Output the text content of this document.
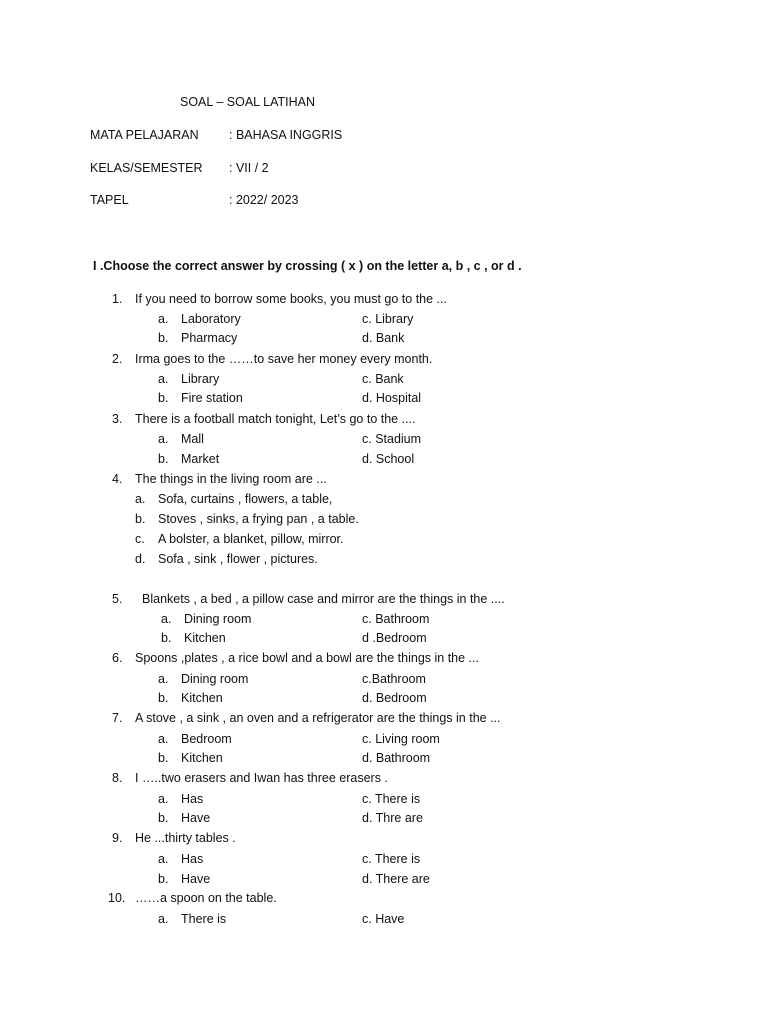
SOAL – SOAL LATIHAN
MATA PELAJARAN : BAHASA INGGRIS
KELAS/SEMESTER : VII / 2
TAPEL	: 2022/ 2023
I .Choose the correct answer by crossing ( x ) on the letter a, b , c , or d .
1. If you need to borrow some books, you must go to the ...
a. Laboratory	c. Library
b. Pharmacy	d. Bank
2. Irma goes to the ……to save her money every month.
a. Library	c. Bank
b. Fire station	d. Hospital
3. There is a football match tonight, Let’s go to the ....
a. Mall	c. Stadium
b. Market	d. School
4. The things in the living room are ...
a. Sofa, curtains , flowers, a table,
b. Stoves , sinks, a frying pan , a table.
c. A bolster, a blanket, pillow, mirror.
d. Sofa , sink , flower , pictures.
5. Blankets , a bed , a pillow case and mirror are the things in the ....
a. Dining room	c. Bathroom
b. Kitchen	d .Bedroom
6. Spoons ,plates , a rice bowl and a bowl are the things in the ...
a. Dining room	c.Bathroom
b. Kitchen	d. Bedroom
7. A stove , a sink , an oven and a refrigerator are the things in the ...
a. Bedroom	c. Living room
b. Kitchen	d. Bathroom
8. I …..two erasers and Iwan has three erasers .
a. Has	c. There is
b. Have	d. Thre are
9. He ...thirty tables .
a. Has	c. There is
b. Have	d. There are
10. ……a spoon on the table.
a. There is	c. Have
